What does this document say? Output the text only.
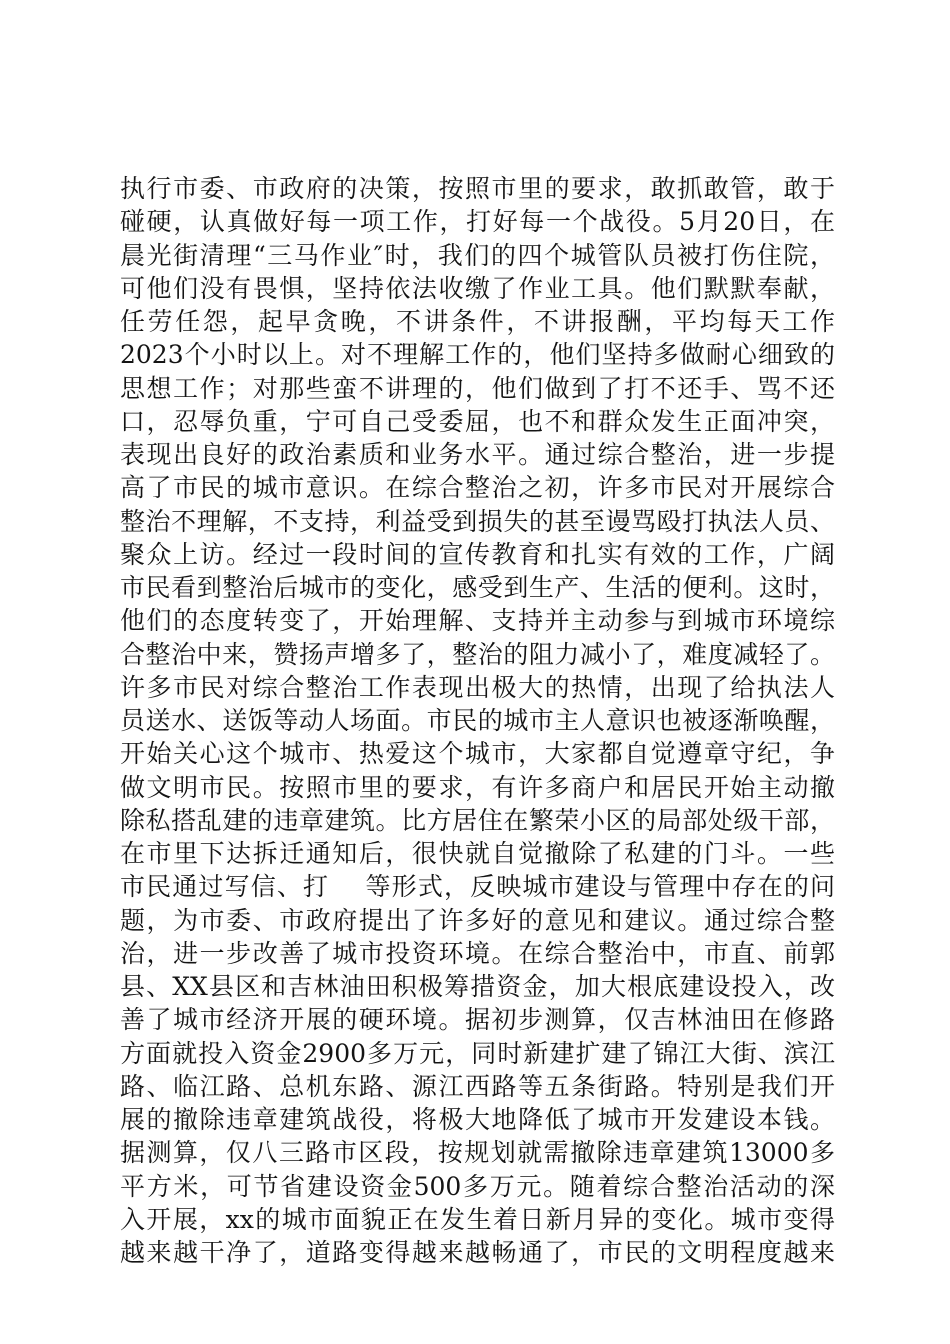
执行市委、市政府的决策，按照市里的要求，敢抓敢管，敢于
碰硬，认真做好每一项工作，打好每一个战役。5月20日，在
晨光街清理“三马作业″时，我们的四个城管队员被打伤住院，
可他们没有畏惧，坚持依法收缴了作业工具。他们默默奉献，
任劳任怨，起早贪晚，不讲条件，不讲报酬，平均每天工作
2023个小时以上。对不理解工作的，他们坚持多做耐心细致的
思想工作；对那些蛮不讲理的，他们做到了打不还手、骂不还
口，忍辱负重，宁可自己受委屈，也不和群众发生正面冲突，
表现出良好的政治素质和业务水平。通过综合整治，进一步提
高了市民的城市意识。在综合整治之初，许多市民对开展综合
整治不理解，不支持，利益受到损失的甚至谩骂殴打执法人员、
聚众上访。经过一段时间的宣传教育和扎实有效的工作，广阔
市民看到整治后城市的变化，感受到生产、生活的便利。这时，
他们的态度转变了，开始理解、支持并主动参与到城市环境综
合整治中来，赞扬声增多了，整治的阻力减小了，难度减轻了。
许多市民对综合整治工作表现出极大的热情，出现了给执法人
员送水、送饭等动人场面。市民的城市主人意识也被逐渐唤醒，
开始关心这个城市、热爱这个城市，大家都自觉遵章守纪，争
做文明市民。按照市里的要求，有许多商户和居民开始主动撤
除私搭乱建的违章建筑。比方居住在繁荣小区的局部处级干部，
在市里下达拆迁通知后，很快就自觉撤除了私建的门斗。一些
市民通过写信、打    等形式，反映城市建设与管理中存在的问
题，为市委、市政府提出了许多好的意见和建议。通过综合整
治，进一步改善了城市投资环境。在综合整治中，市直、前郭
县、XX县区和吉林油田积极筹措资金，加大根底建设投入，改
善了城市经济开展的硬环境。据初步测算，仅吉林油田在修路
方面就投入资金2900多万元，同时新建扩建了锦江大街、滨江
路、临江路、总机东路、源江西路等五条街路。特别是我们开
展的撤除违章建筑战役，将极大地降低了城市开发建设本钱。
据测算，仅八三路市区段，按规划就需撤除违章建筑13000多
平方米，可节省建设资金500多万元。随着综合整治活动的深
入开展，xx的城市面貌正在发生着日新月异的变化。城市变得
越来越干净了，道路变得越来越畅通了，市民的文明程度越来
